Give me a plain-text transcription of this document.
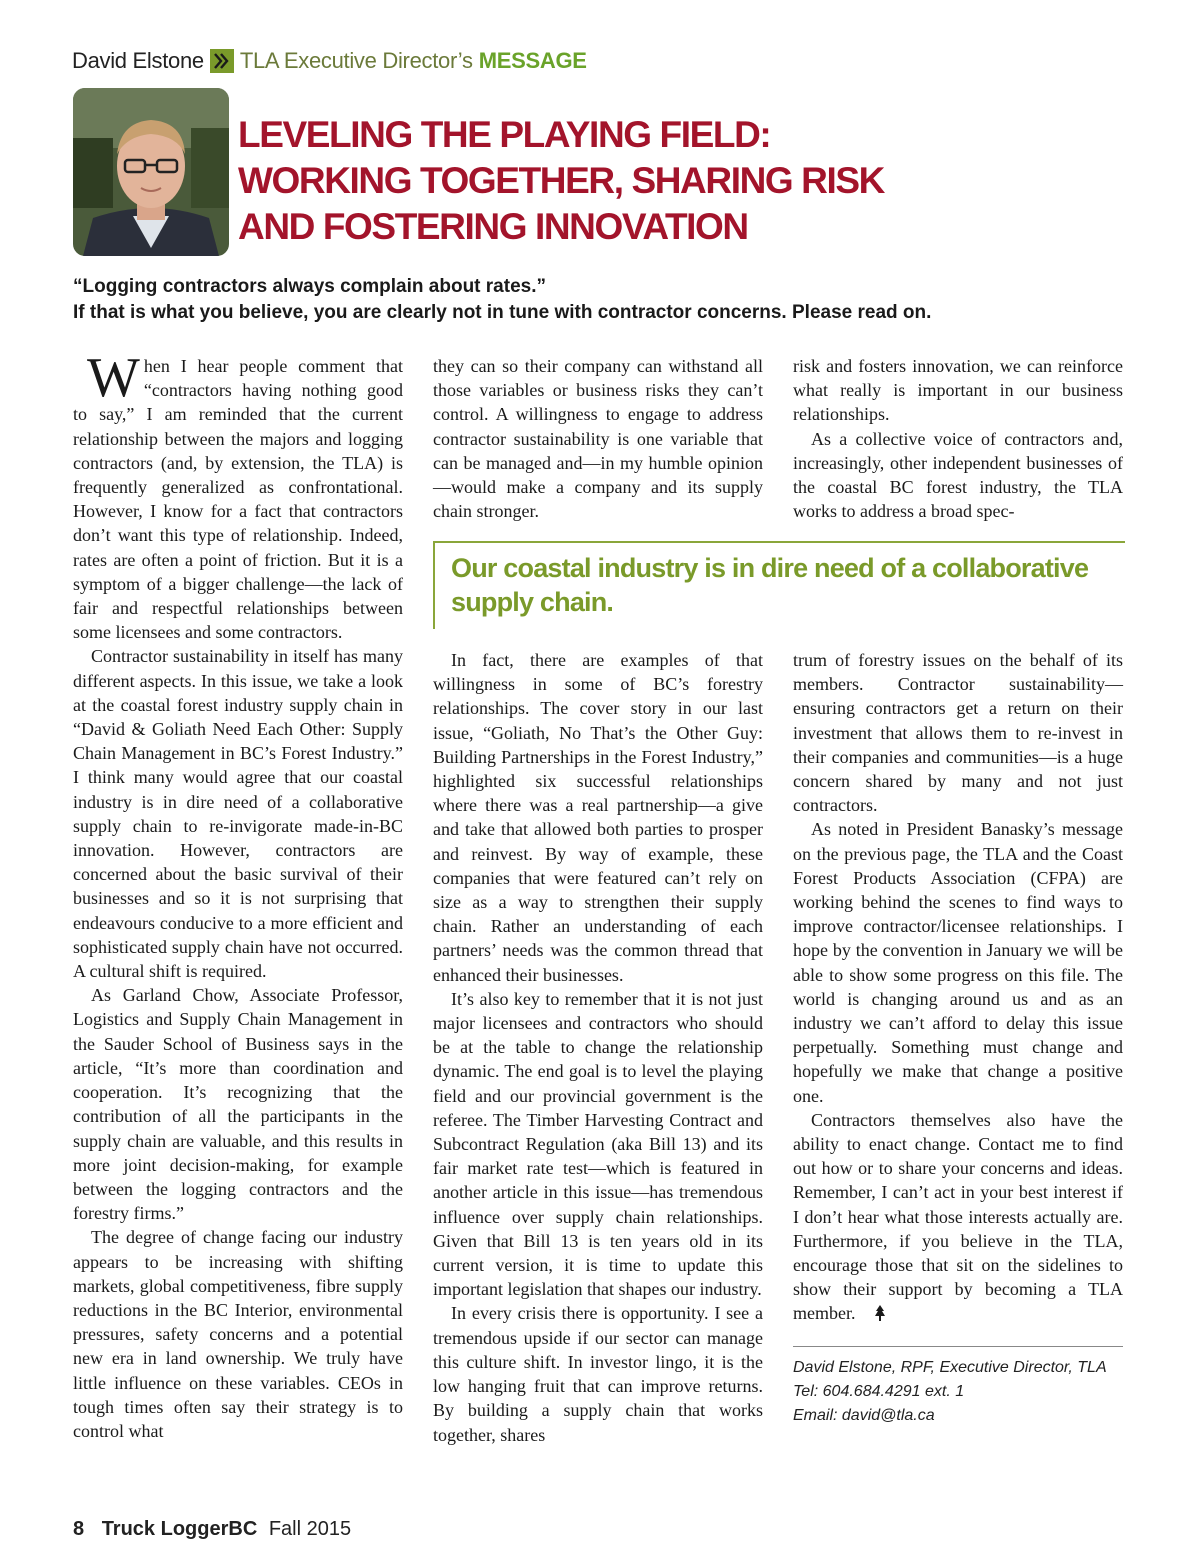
David Elstone TLA Executive Director’s MESSAGE
LEVELING THE PLAYING FIELD:
WORKING TOGETHER, SHARING RISK
AND FOSTERING INNOVATION
“Logging contractors always complain about rates.”
If that is what you believe, you are clearly not in tune with contractor concerns. Please read on.

When I hear people comment that “contractors having nothing good to say,” I am reminded that the current relationship between the majors and logging contractors (and, by extension, the TLA) is frequently generalized as confrontational. However, I know for a fact that contractors don’t want this type of relationship. Indeed, rates are often a point of friction. But it is a symptom of a bigger challenge—the lack of fair and respectful relationships between some licensees and some contractors.

Contractor sustainability in itself has many different aspects. In this issue, we take a look at the coastal forest industry supply chain in “David & Goliath Need Each Other: Supply Chain Management in BC’s Forest Industry.” I think many would agree that our coastal industry is in dire need of a collaborative supply chain to re-invigorate made-in-BC innovation. However, contractors are concerned about the basic survival of their businesses and so it is not surprising that endeavours conducive to a more efficient and sophisticated supply chain have not occurred. A cultural shift is required.

As Garland Chow, Associate Professor, Logistics and Supply Chain Management in the Sauder School of Business says in the article, “It’s more than coordination and cooperation. It’s recognizing that the contribution of all the participants in the supply chain are valuable, and this results in more joint decision-making, for example between the logging contractors and the forestry firms.”

The degree of change facing our industry appears to be increasing with shifting markets, global competitiveness, fibre supply reductions in the BC Interior, environmental pressures, safety concerns and a potential new era in land ownership. We truly have little influence on these variables. CEOs in tough times often say their strategy is to control what

they can so their company can withstand all those variables or business risks they can’t control. A willingness to engage to address contractor sustainability is one variable that can be managed and—in my humble opinion—would make a company and its supply chain stronger.

risk and fosters innovation, we can reinforce what really is important in our business relationships.

As a collective voice of contractors and, increasingly, other independent businesses of the coastal BC forest industry, the TLA works to address a broad spec-

Our coastal industry is in dire need of a collaborative supply chain.

In fact, there are examples of that willingness in some of BC’s forestry relationships. The cover story in our last issue, “Goliath, No That’s the Other Guy: Building Partnerships in the Forest Industry,” highlighted six successful relationships where there was a real partnership—a give and take that allowed both parties to prosper and reinvest. By way of example, these companies that were featured can’t rely on size as a way to strengthen their supply chain. Rather an understanding of each partners’ needs was the common thread that enhanced their businesses.

It’s also key to remember that it is not just major licensees and contractors who should be at the table to change the relationship dynamic. The end goal is to level the playing field and our provincial government is the referee. The Timber Harvesting Contract and Subcontract Regulation (aka Bill 13) and its fair market rate test—which is featured in another article in this issue—has tremendous influence over supply chain relationships. Given that Bill 13 is ten years old in its current version, it is time to update this important legislation that shapes our industry.

In every crisis there is opportunity. I see a tremendous upside if our sector can manage this culture shift. In investor lingo, it is the low hanging fruit that can improve returns. By building a supply chain that works together, shares

trum of forestry issues on the behalf of its members. Contractor sustainability—ensuring contractors get a return on their investment that allows them to re-invest in their companies and communities—is a huge concern shared by many and not just contractors.

As noted in President Banasky’s message on the previous page, the TLA and the Coast Forest Products Association (CFPA) are working behind the scenes to find ways to improve contractor/licensee relationships. I hope by the convention in January we will be able to show some progress on this file. The world is changing around us and as an industry we can’t afford to delay this issue perpetually. Something must change and hopefully we make that change a positive one.

Contractors themselves also have the ability to enact change. Contact me to find out how or to share your concerns and ideas. Remember, I can’t act in your best interest if I don’t hear what those interests actually are. Furthermore, if you believe in the TLA, encourage those that sit on the sidelines to show their support by becoming a TLA member.

David Elstone, RPF, Executive Director, TLA
Tel: 604.684.4291 ext. 1
Email: david@tla.ca
8 Truck LoggerBC Fall 2015
